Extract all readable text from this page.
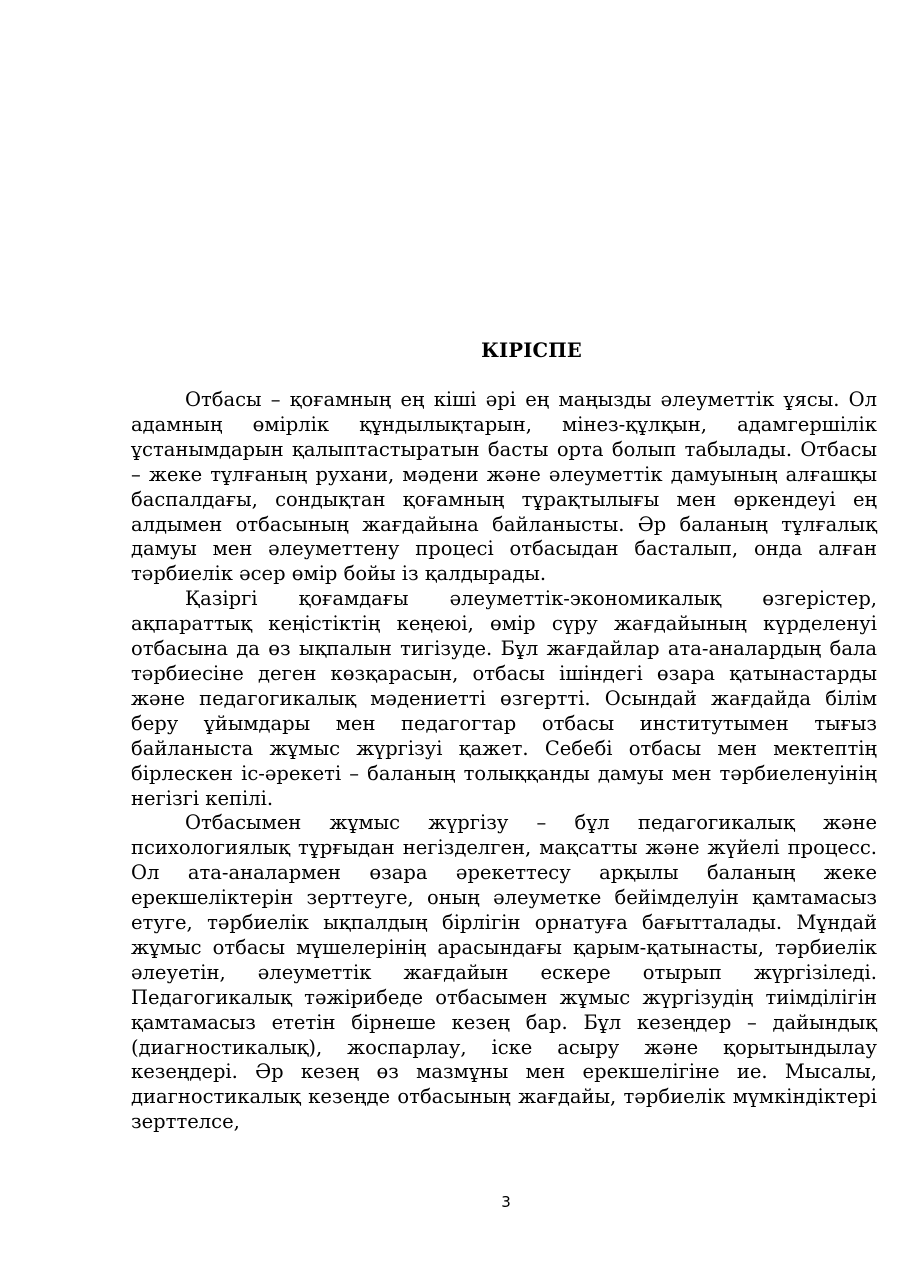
КІРІСПЕ

Отбасы – қоғамның ең кіші әрі ең маңызды әлеуметтік ұясы. Ол адамның өмірлік құндылықтарын, мінез-құлқын, адамгершілік ұстанымдарын қалыптастыратын басты орта болып табылады. Отбасы – жеке тұлғаның рухани, мәдени және әлеуметтік дамуының алғашқы баспалдағы, сондықтан қоғамның тұрақтылығы мен өркендеуі ең алдымен отбасының жағдайына байланысты. Әр баланың тұлғалық дамуы мен әлеуметтену процесі отбасыдан басталып, онда алған тәрбиелік әсер өмір бойы із қалдырады.

Қазіргі қоғамдағы әлеуметтік-экономикалық өзгерістер, ақпараттық кеңістіктің кеңеюі, өмір сүру жағдайының күрделенуі отбасына да өз ықпалын тигізуде. Бұл жағдайлар ата-аналардың бала тәрбиесіне деген көзқарасын, отбасы ішіндегі өзара қатынастарды және педагогикалық мәдениетті өзгертті. Осындай жағдайда білім беру ұйымдары мен педагогтар отбасы институтымен тығыз байланыста жұмыс жүргізуі қажет. Себебі отбасы мен мектептің бірлескен іс-әрекеті – баланың толыққанды дамуы мен тәрбиеленуінің негізгі кепілі.

Отбасымен жұмыс жүргізу – бұл педагогикалық және психологиялық тұрғыдан негізделген, мақсатты және жүйелі процесс. Ол ата-аналармен өзара әрекеттесу арқылы баланың жеке ерекшеліктерін зерттеуге, оның әлеуметке бейімделуін қамтамасыз етуге, тәрбиелік ықпалдың бірлігін орнатуға бағытталады. Мұндай жұмыс отбасы мүшелерінің арасындағы қарым-қатынасты, тәрбиелік әлеуетін, әлеуметтік жағдайын ескере отырып жүргізіледі. Педагогикалық тәжірибеде отбасымен жұмыс жүргізудің тиімділігін қамтамасыз ететін бірнеше кезең бар. Бұл кезеңдер – дайындық (диагностикалық), жоспарлау, іске асыру және қорытындылау кезеңдері. Әр кезең өз мазмұны мен ерекшелігіне ие. Мысалы, диагностикалық кезеңде отбасының жағдайы, тәрбиелік мүмкіндіктері зерттелсе,

3
